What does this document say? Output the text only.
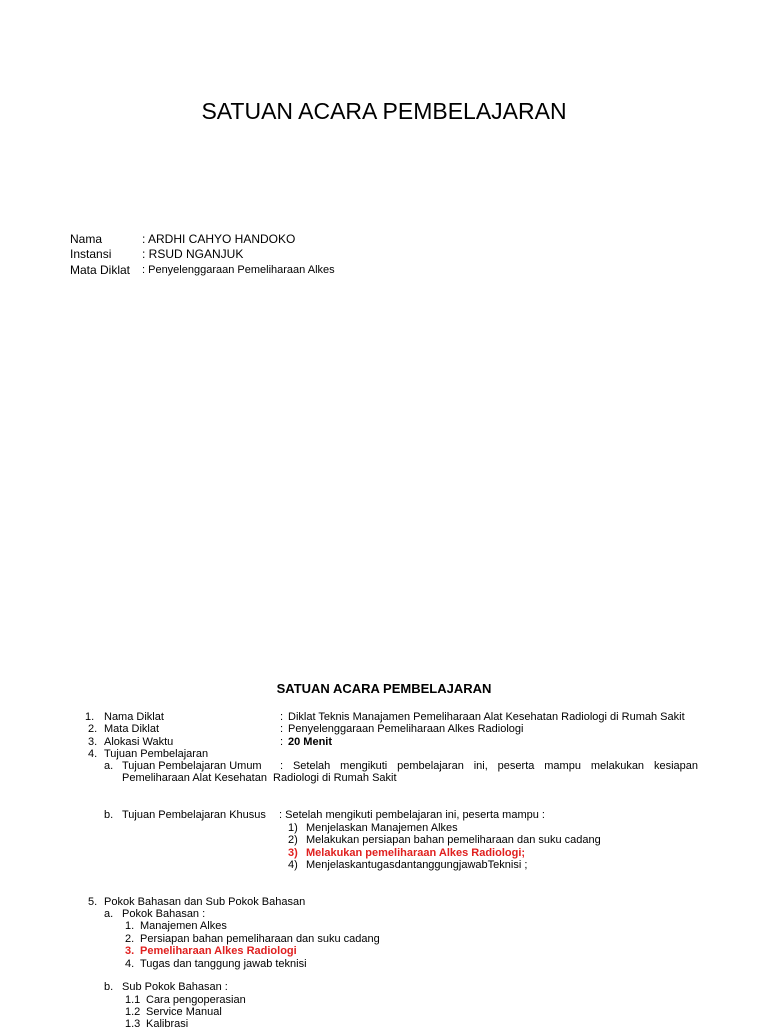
SATUAN ACARA PEMBELAJARAN
Nama	: ARDHI CAHYO HANDOKO
Instansi	: RSUD NGANJUK
Mata Diklat : Penyelenggaraan Pemeliharaan Alkes
SATUAN ACARA PEMBELAJARAN
1. Nama Diklat	: Diklat Teknis Manajamen Pemeliharaan Alat Kesehatan Radiologi di Rumah Sakit
2. Mata Diklat	: Penyelenggaraan Pemeliharaan Alkes Radiologi
3. Alokasi Waktu	: 20 Menit
4. Tujuan Pembelajaran
a. Tujuan Pembelajaran Umum : Setelah mengikuti pembelajaran ini, peserta mampu melakukan kesiapan
Pemeliharaan Alat Kesehatan  Radiologi di Rumah Sakit
b. Tujuan Pembelajaran Khusus : Setelah mengikuti pembelajaran ini, peserta mampu :
1) Menjelaskan Manajemen Alkes
2) Melakukan persiapan bahan pemeliharaan dan suku cadang
3) Melakukan pemeliharaan Alkes Radiologi;
4) MenjelaskantugasdantanggungjawabTeknisi ;
5. Pokok Bahasan dan Sub Pokok Bahasan
a. Pokok Bahasan :
1. Manajemen Alkes
2. Persiapan bahan pemeliharaan dan suku cadang
3. Pemeliharaan Alkes Radiologi
4. Tugas dan tanggung jawab teknisi
b. Sub Pokok Bahasan :
1.1 Cara pengoperasian
1.2 Service Manual
1.3 Kalibrasi
